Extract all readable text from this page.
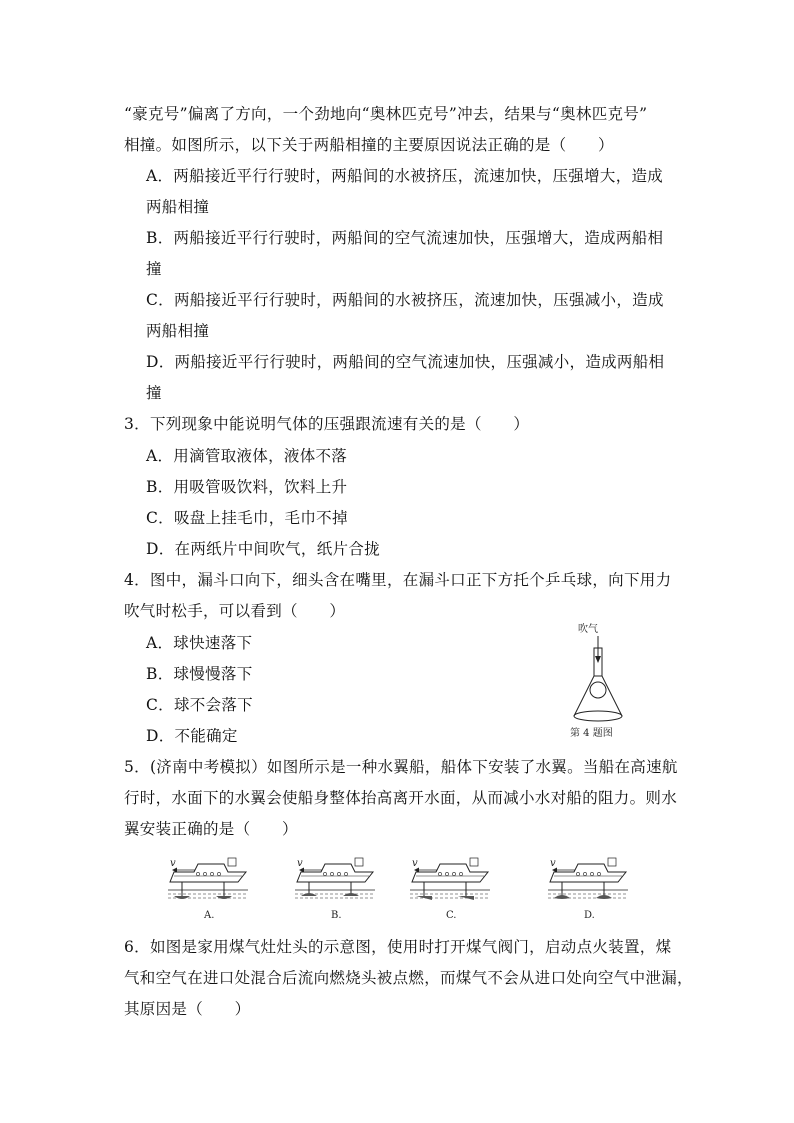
“豪克号”偏离了方向，一个劲地向“奥林匹克号”冲去，结果与“奥林匹克号”
相撞。如图所示，以下关于两船相撞的主要原因说法正确的是（　　）
A．两船接近平行行驶时，两船间的水被挤压，流速加快，压强增大，造成
两船相撞
B．两船接近平行行驶时，两船间的空气流速加快，压强增大，造成两船相
撞
C．两船接近平行行驶时，两船间的水被挤压，流速加快，压强减小，造成
两船相撞
D．两船接近平行行驶时，两船间的空气流速加快，压强减小，造成两船相
撞
3．下列现象中能说明气体的压强跟流速有关的是（　　）
A．用滴管取液体，液体不落
B．用吸管吸饮料，饮料上升
C．吸盘上挂毛巾，毛巾不掉
D．在两纸片中间吹气，纸片合拢
4．图中，漏斗口向下，细头含在嘴里，在漏斗口正下方托个乒乓球，向下用力
吹气时松手，可以看到（　　）
A．球快速落下
B．球慢慢落下
C．球不会落下
D．不能确定
吹气
第 4 题图
5．(济南中考模拟）如图所示是一种水翼船，船体下安装了水翼。当船在高速航
行时，水面下的水翼会使船身整体抬高离开水面，从而减小水对船的阻力。则水
翼安装正确的是（　　）
v
A.
v
B.
v
C.
v
D.
6．如图是家用煤气灶灶头的示意图，使用时打开煤气阀门，启动点火装置，煤
气和空气在进口处混合后流向燃烧头被点燃，而煤气不会从进口处向空气中泄漏，
其原因是（　　）
